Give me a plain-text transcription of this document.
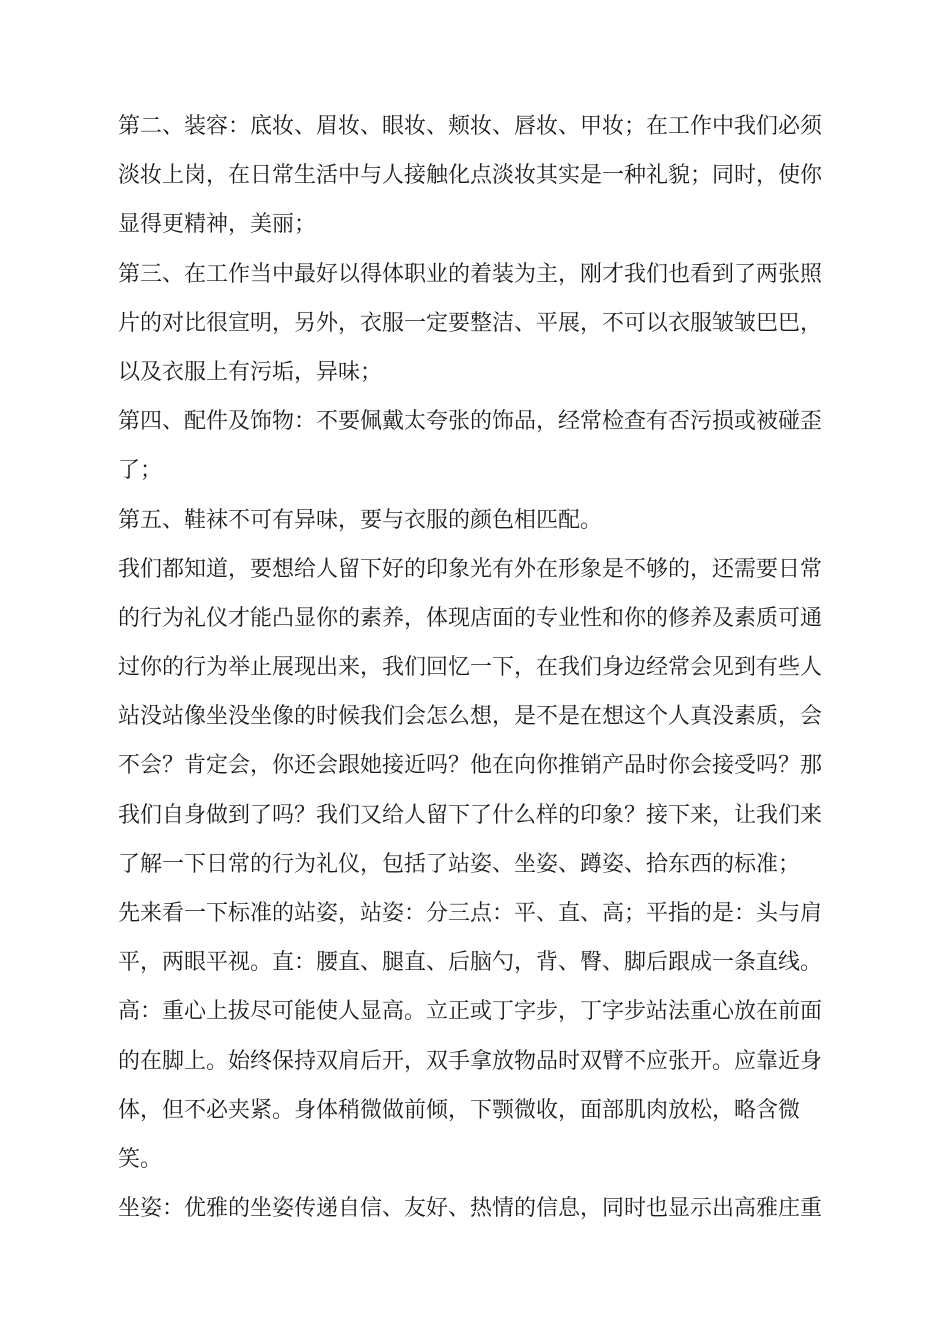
第二、装容：底妆、眉妆、眼妆、颊妆、唇妆、甲妆；在工作中我们必须
淡妆上岗，在日常生活中与人接触化点淡妆其实是一种礼貌；同时，使你
显得更精神，美丽；
第三、在工作当中最好以得体职业的着装为主，刚才我们也看到了两张照
片的对比很宣明，另外，衣服一定要整洁、平展，不可以衣服皱皱巴巴，
以及衣服上有污垢，异味；
第四、配件及饰物：不要佩戴太夸张的饰品，经常检查有否污损或被碰歪
了；
第五、鞋袜不可有异味，要与衣服的颜色相匹配。
我们都知道，要想给人留下好的印象光有外在形象是不够的，还需要日常
的行为礼仪才能凸显你的素养，体现店面的专业性和你的修养及素质可通
过你的行为举止展现出来，我们回忆一下，在我们身边经常会见到有些人
站没站像坐没坐像的时候我们会怎么想，是不是在想这个人真没素质，会
不会？肯定会，你还会跟她接近吗？他在向你推销产品时你会接受吗？那
我们自身做到了吗？我们又给人留下了什么样的印象？接下来，让我们来
了解一下日常的行为礼仪，包括了站姿、坐姿、蹲姿、拾东西的标准；
先来看一下标准的站姿，站姿：分三点：平、直、高；平指的是：头与肩
平，两眼平视。直：腰直、腿直、后脑勺，背、臀、脚后跟成一条直线。
高：重心上拔尽可能使人显高。立正或丁字步，丁字步站法重心放在前面
的在脚上。始终保持双肩后开，双手拿放物品时双臂不应张开。应靠近身
体，但不必夹紧。身体稍微做前倾，下颚微收，面部肌肉放松，略含微
笑。
坐姿：优雅的坐姿传递自信、友好、热情的信息，同时也显示出高雅庄重
